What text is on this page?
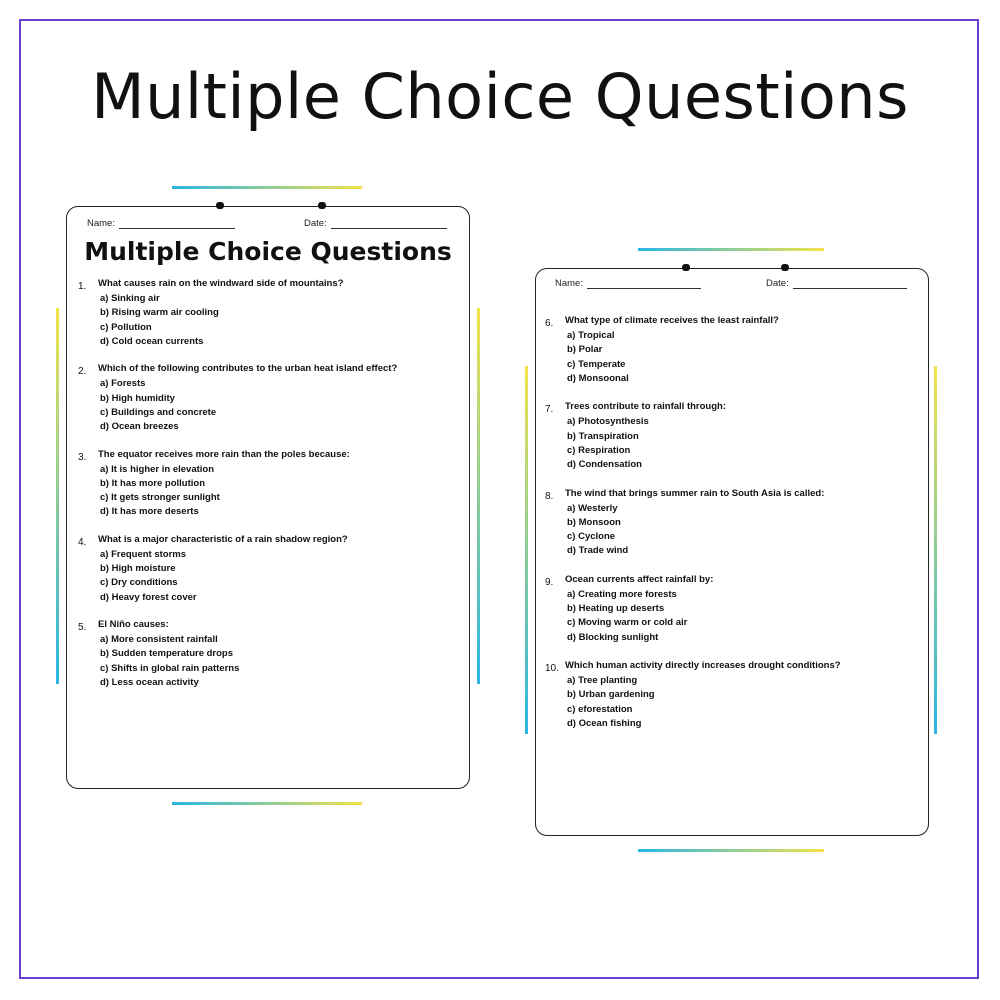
Multiple Choice Questions
Name:	Date:
Multiple Choice Questions
1. What causes rain on the windward side of mountains?
a) Sinking air
b) Rising warm air cooling
c) Pollution
d) Cold ocean currents
2. Which of the following contributes to the urban heat island effect?
a) Forests
b) High humidity
c) Buildings and concrete
d) Ocean breezes
3. The equator receives more rain than the poles because:
a) It is higher in elevation
b) It has more pollution
c) It gets stronger sunlight
d) It has more deserts
4. What is a major characteristic of a rain shadow region?
a) Frequent storms
b) High moisture
c) Dry conditions
d) Heavy forest cover
5. El Niño causes:
a) More consistent rainfall
b) Sudden temperature drops
c) Shifts in global rain patterns
d) Less ocean activity
Name:	Date:
6. What type of climate receives the least rainfall?
a) Tropical
b) Polar
c) Temperate
d) Monsoonal
7. Trees contribute to rainfall through:
a) Photosynthesis
b) Transpiration
c) Respiration
d) Condensation
8. The wind that brings summer rain to South Asia is called:
a) Westerly
b) Monsoon
c) Cyclone
d) Trade wind
9. Ocean currents affect rainfall by:
a) Creating more forests
b) Heating up deserts
c) Moving warm or cold air
d) Blocking sunlight
10. Which human activity directly increases drought conditions?
a) Tree planting
b) Urban gardening
c) eforestation
d) Ocean fishing
